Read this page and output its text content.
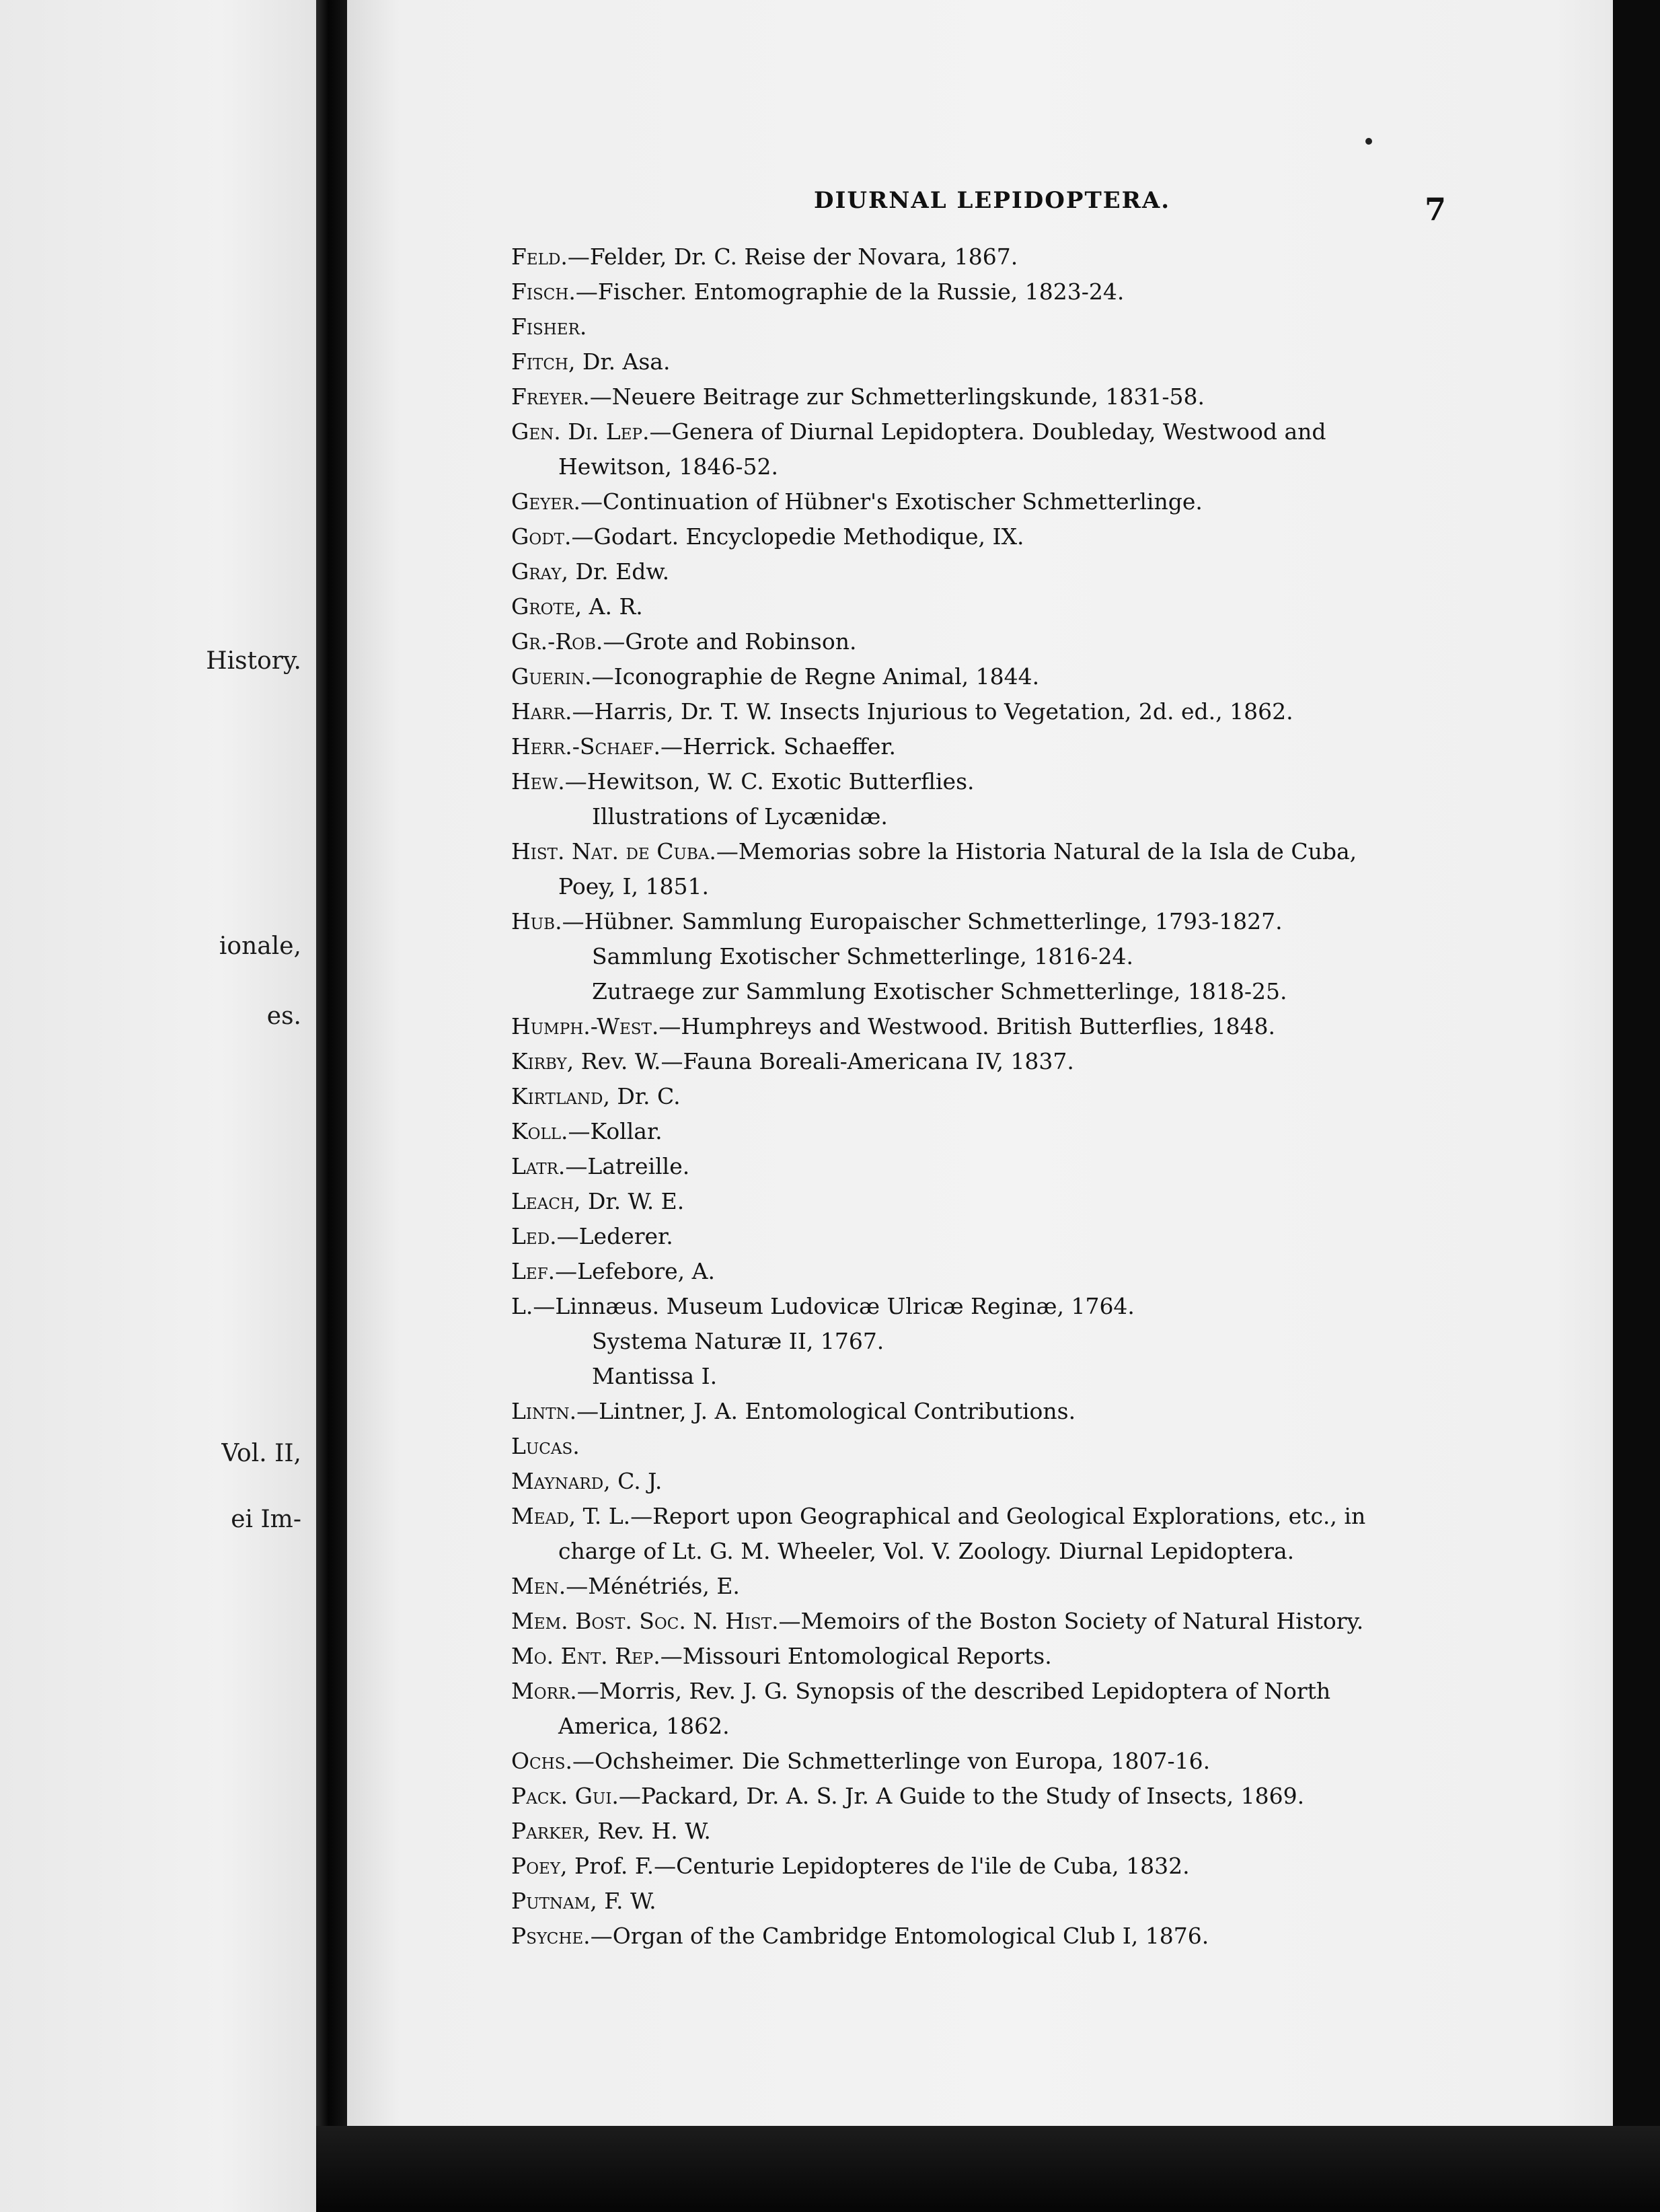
History.
ionale,
es.
Vol. II,
ei Im-
DIURNAL LEPIDOPTERA.	7
Feld.—Felder, Dr. C. Reise der Novara, 1867.
Fisch.—Fischer. Entomographie de la Russie, 1823-24.
Fisher.
Fitch, Dr. Asa.
Freyer.—Neuere Beitrage zur Schmetterlingskunde, 1831-58.
Gen. Di. Lep.—Genera of Diurnal Lepidoptera. Doubleday, Westwood and
Hewitson, 1846-52.
Geyer.—Continuation of Hübner's Exotischer Schmetterlinge.
Godt.—Godart. Encyclopedie Methodique, IX.
Gray, Dr. Edw.
Grote, A. R.
Gr.-Rob.—Grote and Robinson.
Guerin.—Iconographie de Regne Animal, 1844.
Harr.—Harris, Dr. T. W. Insects Injurious to Vegetation, 2d. ed., 1862.
Herr.-Schaef.—Herrick. Schaeffer.
Hew.—Hewitson, W. C. Exotic Butterflies.
Illustrations of Lycænidæ.
Hist. Nat. de Cuba.—Memorias sobre la Historia Natural de la Isla de Cuba,
Poey, I, 1851.
Hub.—Hübner. Sammlung Europaischer Schmetterlinge, 1793-1827.
Sammlung Exotischer Schmetterlinge, 1816-24.
Zutraege zur Sammlung Exotischer Schmetterlinge, 1818-25.
Humph.-West.—Humphreys and Westwood. British Butterflies, 1848.
Kirby, Rev. W.—Fauna Boreali-Americana IV, 1837.
Kirtland, Dr. C.
Koll.—Kollar.
Latr.—Latreille.
Leach, Dr. W. E.
Led.—Lederer.
Lef.—Lefebore, A.
L.—Linnæus. Museum Ludovicæ Ulricæ Reginæ, 1764.
Systema Naturæ II, 1767.
Mantissa I.
Lintn.—Lintner, J. A. Entomological Contributions.
Lucas.
Maynard, C. J.
Mead, T. L.—Report upon Geographical and Geological Explorations, etc., in
charge of Lt. G. M. Wheeler, Vol. V. Zoology. Diurnal Lepidoptera.
Men.—Ménétriés, E.
Mem. Bost. Soc. N. Hist.—Memoirs of the Boston Society of Natural History.
Mo. Ent. Rep.—Missouri Entomological Reports.
Morr.—Morris, Rev. J. G. Synopsis of the described Lepidoptera of North
America, 1862.
Ochs.—Ochsheimer. Die Schmetterlinge von Europa, 1807-16.
Pack. Gui.—Packard, Dr. A. S. Jr. A Guide to the Study of Insects, 1869.
Parker, Rev. H. W.
Poey, Prof. F.—Centurie Lepidopteres de l'ile de Cuba, 1832.
Putnam, F. W.
Psyche.—Organ of the Cambridge Entomological Club I, 1876.
